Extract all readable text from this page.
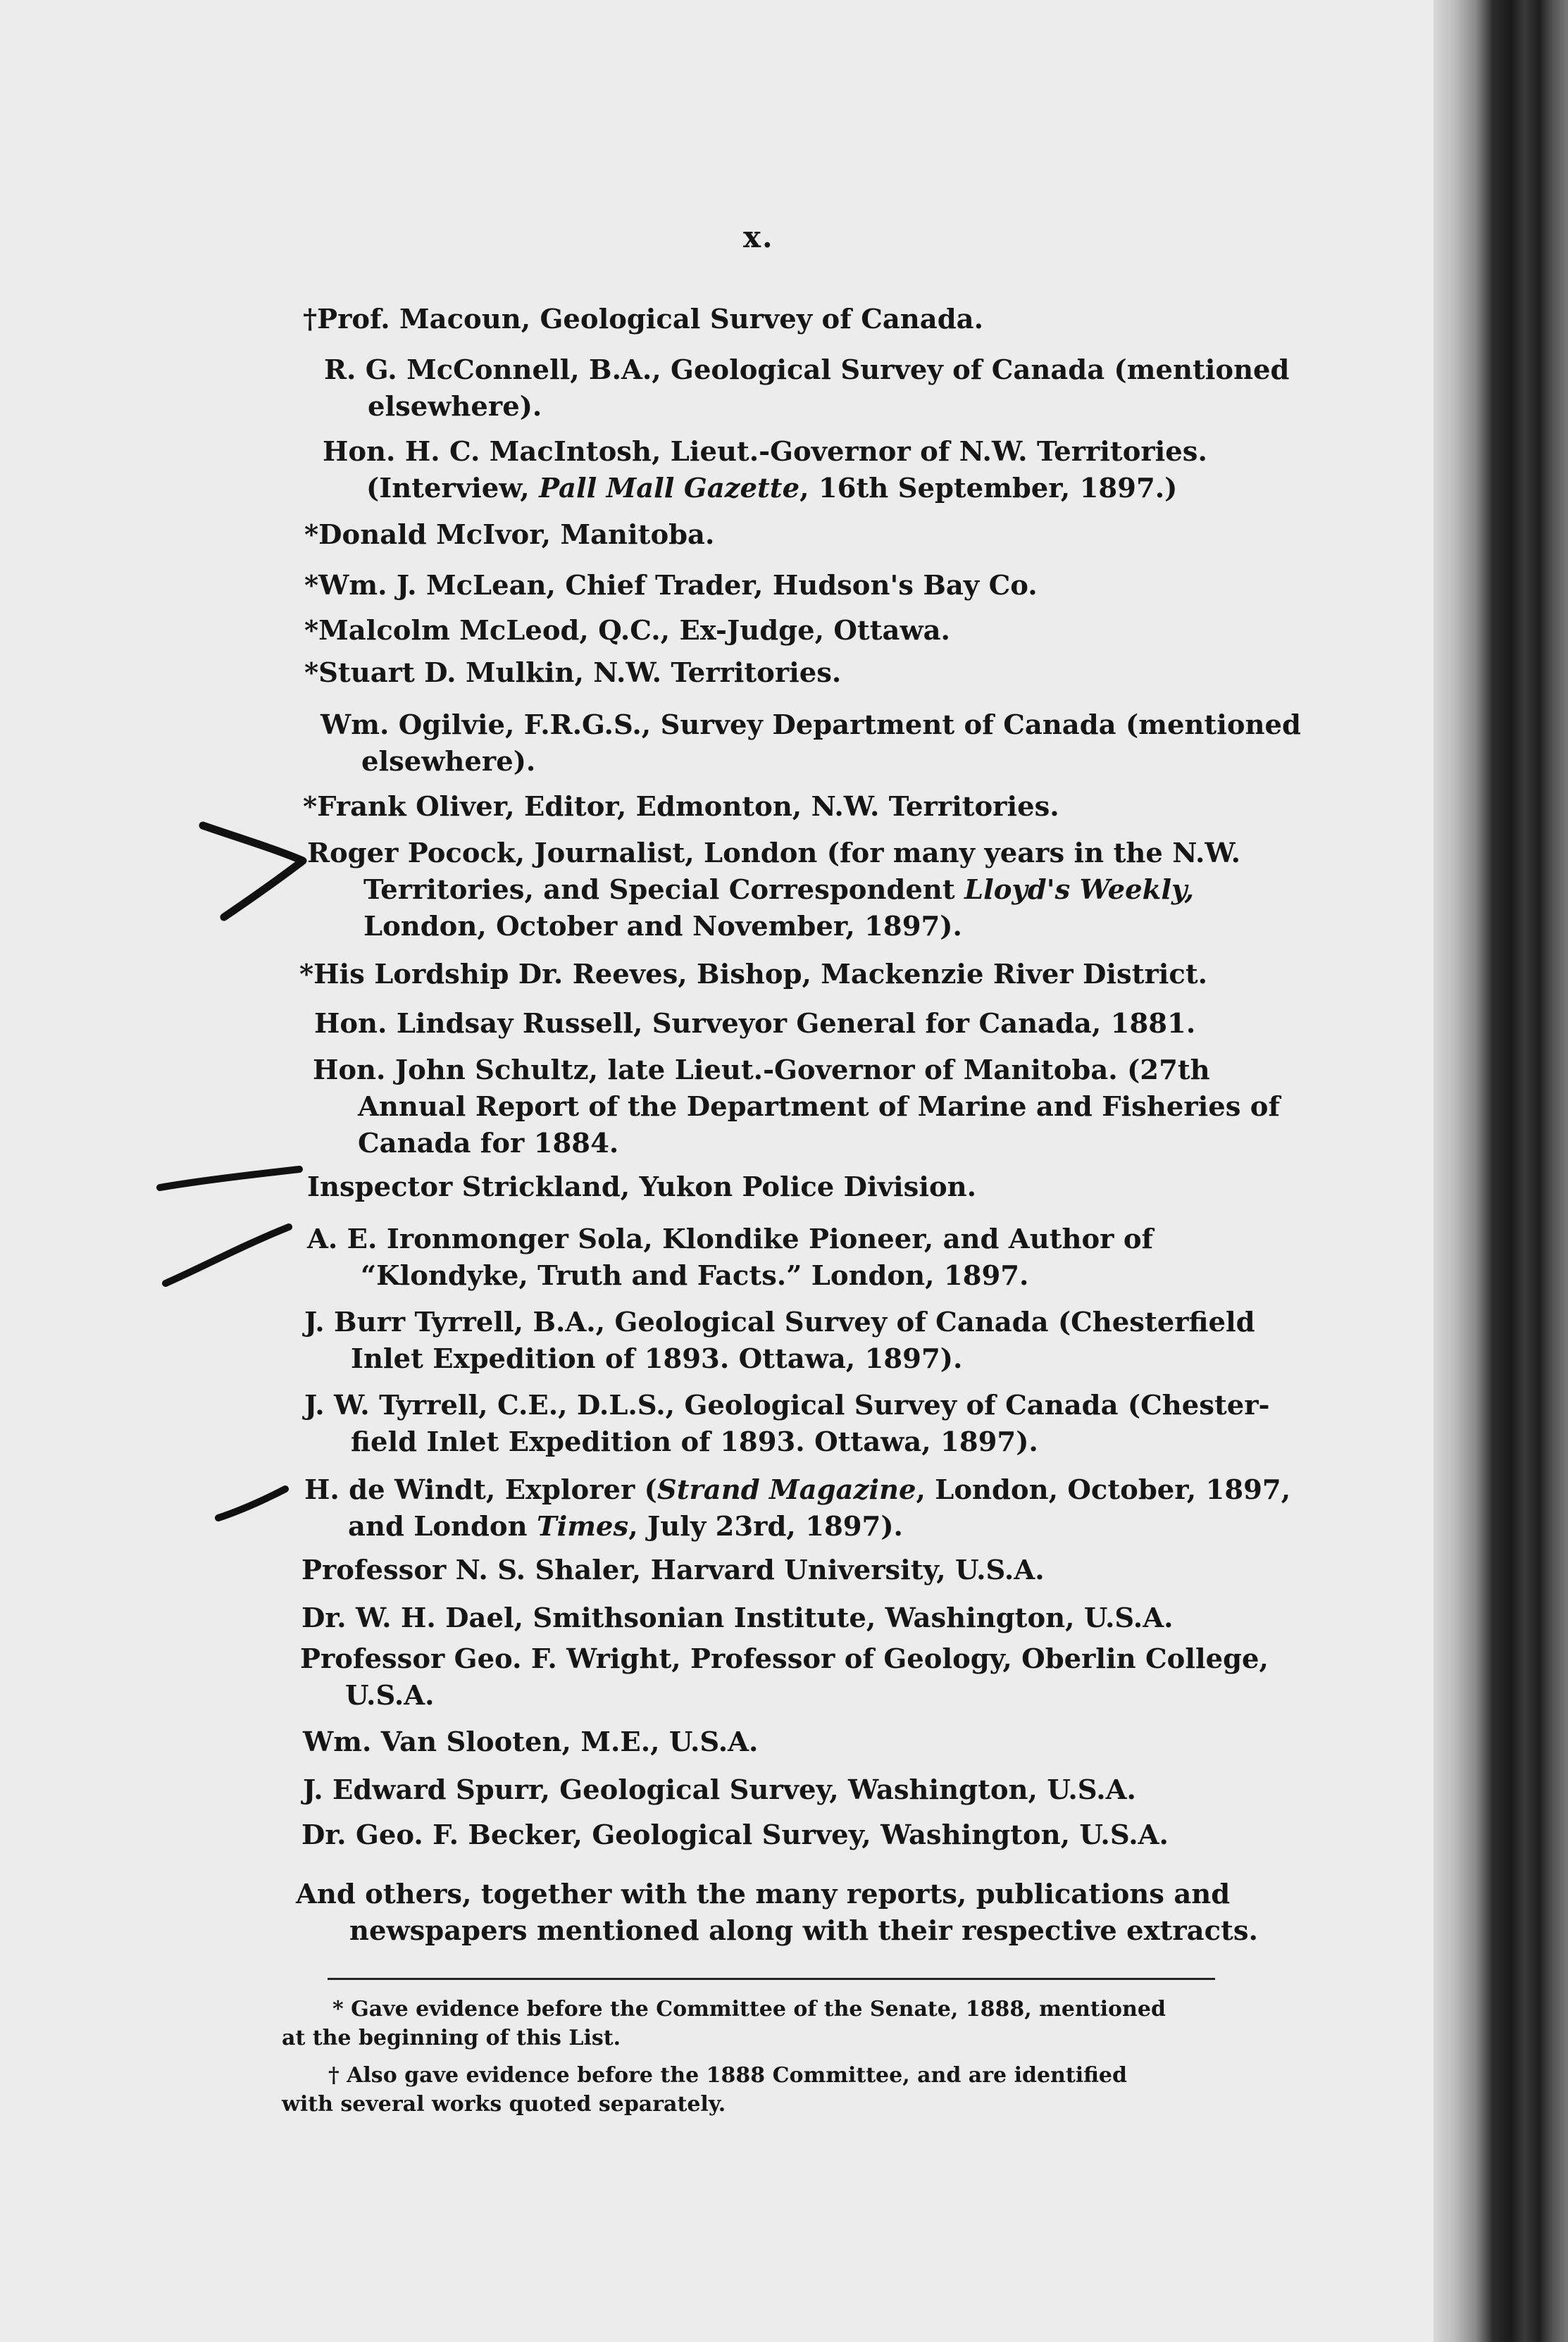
x.
†Prof. Macoun, Geological Survey of Canada.
R. G. McConnell, B.A., Geological Survey of Canada (mentioned
elsewhere).
Hon. H. C. MacIntosh, Lieut.-Governor of N.W. Territories.
(Interview, Pall Mall Gazette, 16th September, 1897.)
*Donald McIvor, Manitoba.
*Wm. J. McLean, Chief Trader, Hudson's Bay Co.
*Malcolm McLeod, Q.C., Ex-Judge, Ottawa.
*Stuart D. Mulkin, N.W. Territories.
Wm. Ogilvie, F.R.G.S., Survey Department of Canada (mentioned
elsewhere).
*Frank Oliver, Editor, Edmonton, N.W. Territories.
Roger Pocock, Journalist, London (for many years in the N.W.
Territories, and Special Correspondent Lloyd's Weekly,
London, October and November, 1897).
*His Lordship Dr. Reeves, Bishop, Mackenzie River District.
Hon. Lindsay Russell, Surveyor General for Canada, 1881.
Hon. John Schultz, late Lieut.-Governor of Manitoba. (27th
Annual Report of the Department of Marine and Fisheries of
Canada for 1884.
Inspector Strickland, Yukon Police Division.
A. E. Ironmonger Sola, Klondike Pioneer, and Author of
“Klondyke, Truth and Facts.” London, 1897.
J. Burr Tyrrell, B.A., Geological Survey of Canada (Chesterfield
Inlet Expedition of 1893. Ottawa, 1897).
J. W. Tyrrell, C.E., D.L.S., Geological Survey of Canada (Chester-
field Inlet Expedition of 1893. Ottawa, 1897).
H. de Windt, Explorer (Strand Magazine, London, October, 1897,
and London Times, July 23rd, 1897).
Professor N. S. Shaler, Harvard University, U.S.A.
Dr. W. H. Dael, Smithsonian Institute, Washington, U.S.A.
Professor Geo. F. Wright, Professor of Geology, Oberlin College,
U.S.A.
Wm. Van Slooten, M.E., U.S.A.
J. Edward Spurr, Geological Survey, Washington, U.S.A.
Dr. Geo. F. Becker, Geological Survey, Washington, U.S.A.
And others, together with the many reports, publications and
newspapers mentioned along with their respective extracts.
* Gave evidence before the Committee of the Senate, 1888, mentioned
at the beginning of this List.
† Also gave evidence before the 1888 Committee, and are identified
with several works quoted separately.
